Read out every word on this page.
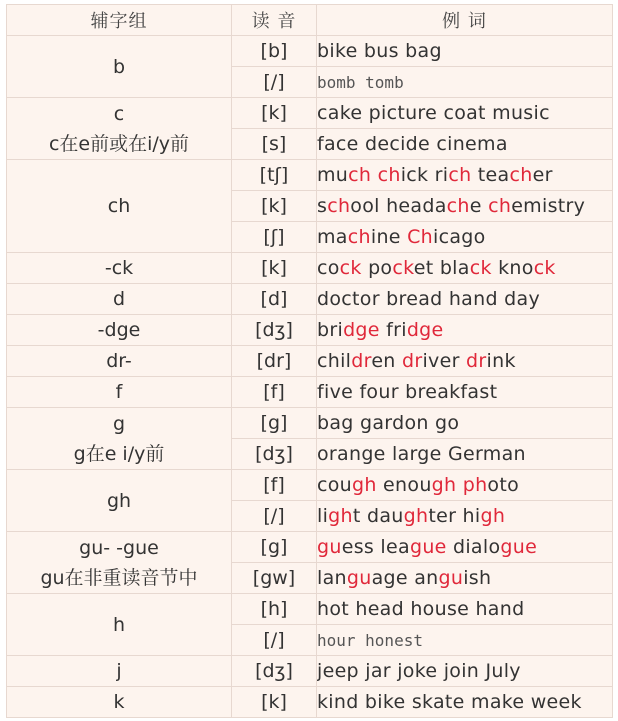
辅字组	读 音	例 词

b	[b]	bike bus bag
	[/]	bomb tomb

c
c在e前或在i/y前	[k]	cake picture coat music
	[s]	face decide cinema

ch	[tʃ]	much chick rich teacher
	[k]	school headache chemistry
	[ʃ]	machine Chicago

-ck	[k]	cock pocket black knock

d	[d]	doctor bread hand day

-dge	[dʒ]	bridge fridge

dr-	[dr]	children driver drink

f	[f]	five four breakfast

g
g在e i/y前	[g]	bag gardon go
	[dʒ]	orange large German

gh	[f]	cough enough photo
	[/]	light daughter high

gu- -gue
gu在非重读音节中	[g]	guess league dialogue
	[gw]	language anguish

h	[h]	hot head house hand
	[/]	hour honest

j	[dʒ]	jeep jar joke join July

k	[k]	kind bike skate make week
